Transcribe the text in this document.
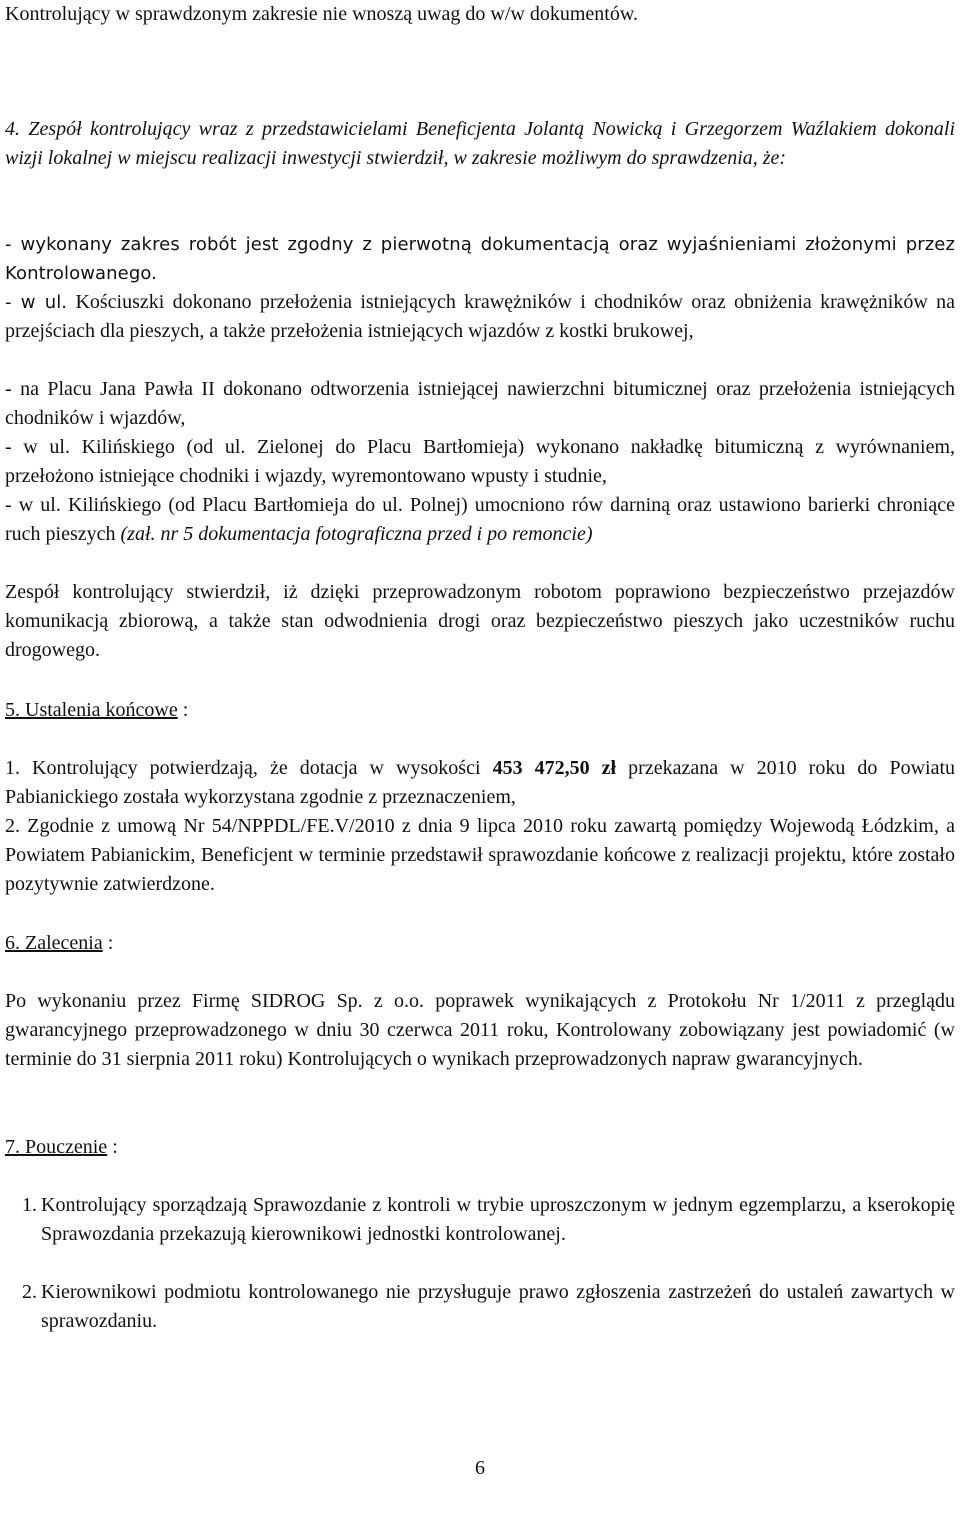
Kontrolujący w sprawdzonym zakresie nie wnoszą uwag do w/w dokumentów.
4. Zespół kontrolujący wraz z przedstawicielami Beneficjenta Jolantą Nowicką i Grzegorzem Waźlakiem dokonali wizji lokalnej w miejscu realizacji inwestycji stwierdził, w zakresie możliwym do sprawdzenia, że:
- wykonany zakres robót jest zgodny z pierwotną dokumentacją oraz wyjaśnieniami złożonymi przez Kontrolowanego.
- w ul. Kościuszki dokonano przełożenia istniejących krawężników i chodników oraz obniżenia krawężników na przejściach dla pieszych, a także przełożenia istniejących wjazdów z kostki brukowej,
- na Placu Jana Pawła II dokonano odtworzenia istniejącej nawierzchni bitumicznej oraz przełożenia istniejących chodników i wjazdów,
- w ul. Kilińskiego (od ul. Zielonej do Placu Bartłomieja) wykonano nakładkę bitumiczną z wyrównaniem, przełożono istniejące chodniki i wjazdy, wyremontowano wpusty i studnie,
- w ul. Kilińskiego (od Placu Bartłomieja do ul. Polnej) umocniono rów darniną oraz ustawiono barierki chroniące ruch pieszych (zał. nr 5 dokumentacja fotograficzna przed i po remoncie)
Zespół kontrolujący stwierdził, iż dzięki przeprowadzonym robotom poprawiono bezpieczeństwo przejazdów komunikacją zbiorową, a także stan odwodnienia drogi oraz bezpieczeństwo pieszych jako uczestników ruchu drogowego.
5. Ustalenia końcowe :
1. Kontrolujący potwierdzają, że dotacja w wysokości 453 472,50 zł przekazana w 2010 roku do Powiatu Pabianickiego została wykorzystana zgodnie z przeznaczeniem,
2. Zgodnie z umową Nr 54/NPPDL/FE.V/2010 z dnia 9 lipca 2010 roku zawartą pomiędzy Wojewodą Łódzkim, a Powiatem Pabianickim, Beneficjent w terminie przedstawił sprawozdanie końcowe z realizacji projektu, które zostało pozytywnie zatwierdzone.
6. Zalecenia :
Po wykonaniu przez Firmę SIDROG Sp. z o.o. poprawek wynikających z Protokołu Nr 1/2011 z przeglądu gwarancyjnego przeprowadzonego w dniu 30 czerwca 2011 roku, Kontrolowany zobowiązany jest powiadomić (w terminie do 31 sierpnia 2011 roku) Kontrolujących o wynikach przeprowadzonych napraw gwarancyjnych.
7. Pouczenie :
1. Kontrolujący sporządzają Sprawozdanie z kontroli w trybie uproszczonym w jednym egzemplarzu, a kserokopię Sprawozdania przekazują kierownikowi jednostki kontrolowanej.
2. Kierownikowi podmiotu kontrolowanego nie przysługuje prawo zgłoszenia zastrzeżeń do ustaleń zawartych w sprawozdaniu.
6
